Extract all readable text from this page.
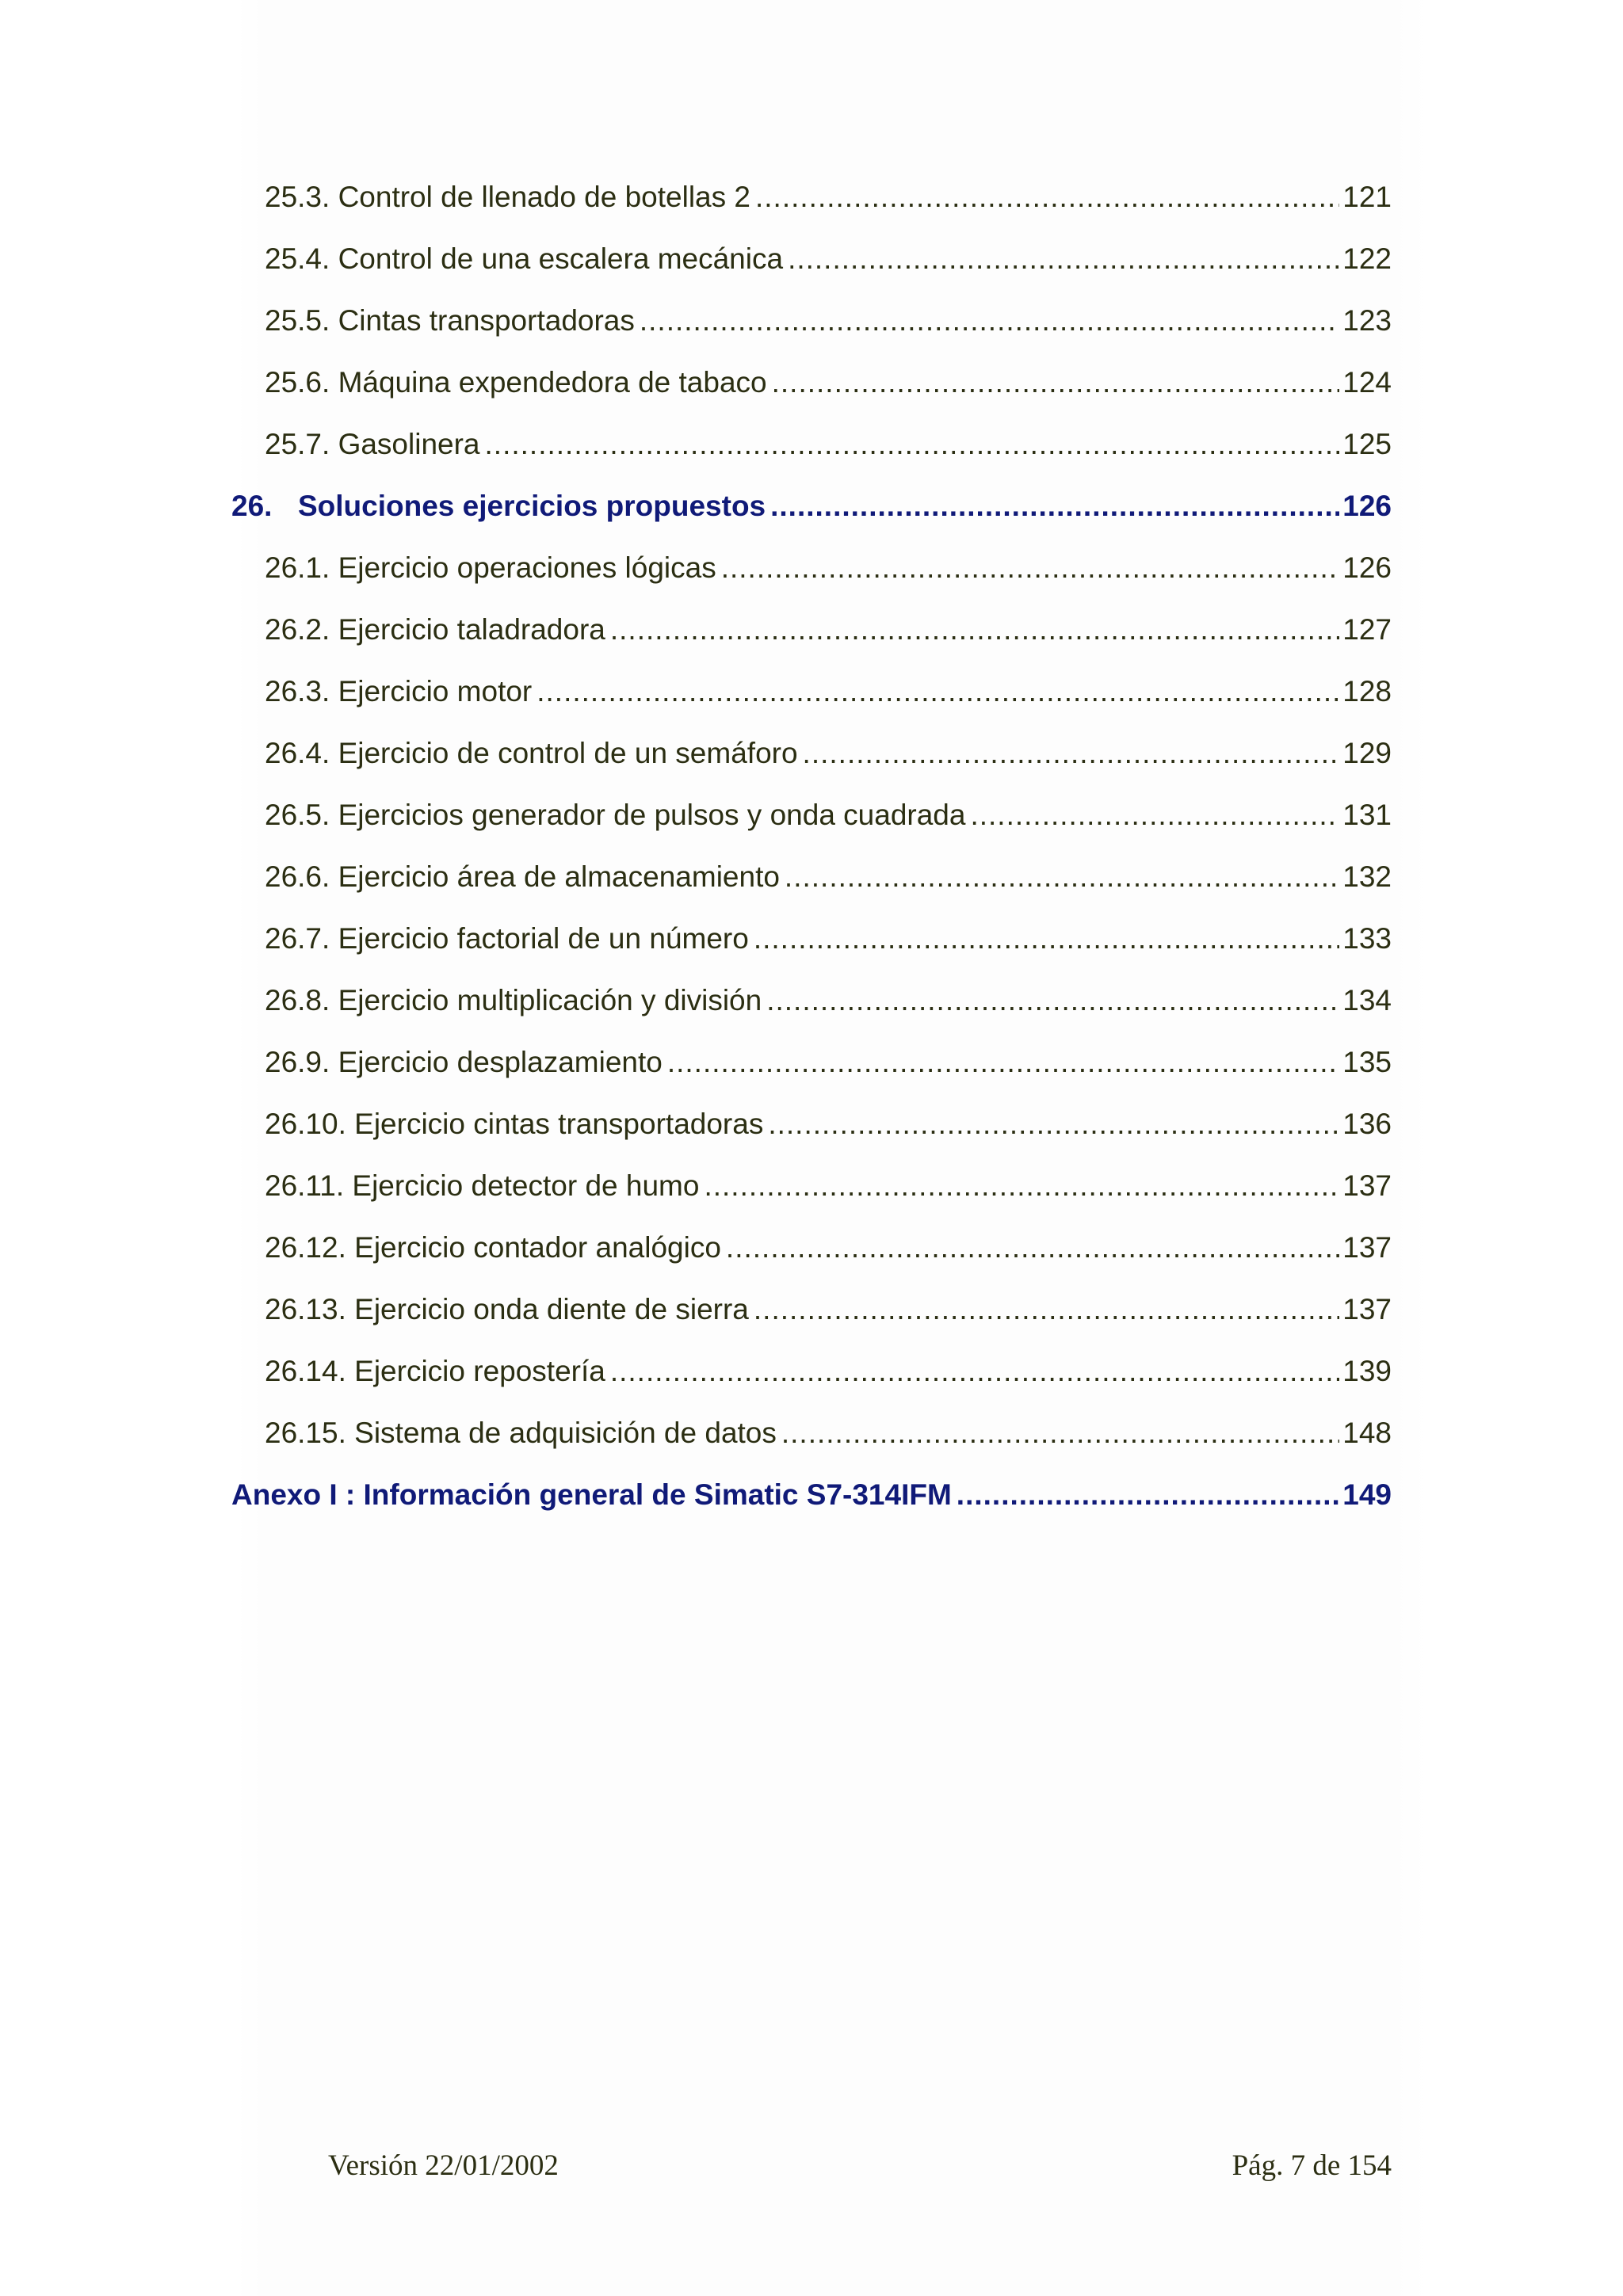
25.3. Control de llenado de botellas 2 .....	121
25.4. Control de una escalera mecánica .....	122
25.5. Cintas transportadoras .....	123
25.6. Máquina expendedora de tabaco .....	124
25.7. Gasolinera .....	125
26. Soluciones ejercicios propuestos .....	126
26.1. Ejercicio operaciones lógicas .....	126
26.2. Ejercicio taladradora .....	127
26.3. Ejercicio motor .....	128
26.4. Ejercicio de control de un semáforo .....	129
26.5. Ejercicios generador de pulsos y onda cuadrada .....	131
26.6. Ejercicio área de almacenamiento .....	132
26.7. Ejercicio factorial de un número .....	133
26.8. Ejercicio multiplicación y división .....	134
26.9. Ejercicio desplazamiento .....	135
26.10. Ejercicio cintas transportadoras .....	136
26.11. Ejercicio detector de humo .....	137
26.12. Ejercicio contador analógico .....	137
26.13. Ejercicio onda diente de sierra .....	137
26.14. Ejercicio repostería .....	139
26.15. Sistema de adquisición de datos .....	148
Anexo I : Información general de Simatic S7-314IFM .....	149
Versión 22/01/2002	Pág. 7 de 154
